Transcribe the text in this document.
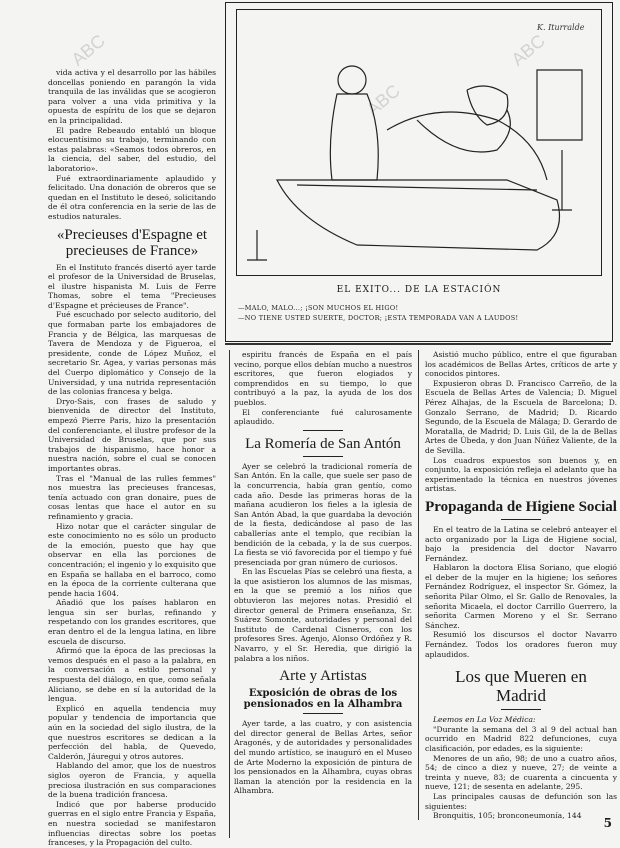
ABC
ABC
ABC
K. Iturralde
EL EXITO... DE LA ESTACIÓN
—MALO, MALO...; ¡SON MUCHOS EL HIGO!
—NO TIENE USTED SUERTE, DOCTOR; ¡ESTA TEMPORADA VAN A LAUDOS!

vida activa y el desarrollo por las hábiles doncellas poniendo en parangón la vida tranquila de las inválidas que se acogieron para volver a una vida primitiva y la opuesta de espíritu de los que se dejaron en la principalidad.

El padre Rebeaudo entabló un bloque elocuentísimo su trabajo, terminando con estas palabras: «Seamos todos obreros, en la ciencia, del saber, del estudio, del laboratorio».

Fué extraordinariamente aplaudido y felicitado. Una donación de obreros que se quedan en el Instituto le deseó, solicitando de él otra conferencia en la serie de las de estudios naturales.

«Precieuses d'Espagne et precieuses de France»

En el Instituto francés disertó ayer tarde el profesor de la Universidad de Bruselas, el ilustre hispanista M. Luis de Ferre Thomas, sobre el tema "Precieuses d'Espagne et précieuses de France".

Fué escuchado por selecto auditorio, del que formaban parte los embajadores de Francia y de Bélgica, las marquesas de Tavera de Mendoza y de Figueroa, el presidente, conde de López Muñoz, el secretario Sr. Agea, y varias personas más del Cuerpo diplomático y Consejo de la Universidad, y una nutrida representación de las colonias francesa y belga.

Dryo-Sais, con frases de saludo y bienvenida de director del Instituto, empezó Pierre Paris, hizo la presentación del conferenciante, el ilustre profesor de la Universidad de Bruselas, que por sus trabajos de hispanismo, hace honor a nuestra nación, sobre el cual se conocen importantes obras.

Tras el "Manual de las rulles femmes" nos muestra las precieuses francesas, tenía actuado con gran donaire, pues de cosas lentas que hace el autor en su refinamiento y gracia.

Hizo notar que el carácter singular de este conocimiento no es sólo un producto de la emoción, puesto que hay que observar en ella las porciones de concentración; el ingenio y lo exquisito que en España se hallaba en el barroco, como en la época de la corriente culterana que pende hacia 1604.

Añadió que los países hablaron en lengua sin ser burlas, refinando y respetando con los grandes escritores, que eran dentro el de la lengua latina, en libre escuela de discurso.

Afirmó que la época de las preciosas la vemos después en el paso a la palabra, en la conversación a estilo personal y respuesta del diálogo, en que, como señala Aliciano, se debe en sí la autoridad de la lengua.

Explicó en aquella tendencia muy popular y tendencia de importancia que aún en la sociedad del siglo ilustra, de la que nuestros escritores se dedican a la perfección del habla, de Quevedo, Calderón, Jáuregui y otros autores.

Hablando del amor, que los de nuestros siglos oyeron de Francia, y aquella preciosa ilustración en sus comparaciones de la buena tradición francesa.

Indicó que por haberse producido guerras en el siglo entre Francia y España, en nuestra sociedad se manifestaron influencias directas sobre los poetas franceses, y la Propagación del culto.

espiritu francés de España en el país vecino, porque ellos debían mucho a nuestros escritores, que fueron elogiados y comprendidos en su tiempo, lo que contribuyó a la paz, la ayuda de los dos pueblos.

El conferenciante fué calurosamente aplaudido.

La Romería de San Antón

Ayer se celebró la tradicional romería de San Antón. En la calle, que suele ser paso de la concurrencia, había gran gentío, como cada año. Desde las primeras horas de la mañana acudieron los fieles a la iglesia de San Antón Abad, la que guardaba la devoción de la fiesta, dedicándose al paso de las caballerías ante el templo, que recibían la bendición de la cebada, y la de sus cuerpos. La fiesta se vió favorecida por el tiempo y fué presenciada por gran número de curiosos.

En las Escuelas Pías se celebró una fiesta, a la que asistieron los alumnos de las mismas, en la que se premió a los niños que obtuvieron las mejores notas. Presidió el director general de Primera enseñanza, Sr. Suárez Somonte, autoridades y personal del Instituto de Cardenal Cisneros, con los profesores Sres. Agenjo, Alonso Ordóñez y R. Navarro, y el Sr. Heredia, que dirigió la palabra a los niños.

Arte y Artistas
Exposición de obras de los pensionados en la Alhambra

Ayer tarde, a las cuatro, y con asistencia del director general de Bellas Artes, señor Aragonés, y de autoridades y personalidades del mundo artístico, se inauguró en el Museo de Arte Moderno la exposición de pintura de los pensionados en la Alhambra, cuyas obras llaman la atención por la residencia en la Alhambra.

Asistió mucho público, entre el que figuraban los académicos de Bellas Artes, críticos de arte y conocidos pintores.

Expusieron obras D. Francisco Carreño, de la Escuela de Bellas Artes de Valencia; D. Miguel Pérez Alhajas, de la Escuela de Barcelona; D. Gonzalo Serrano, de Madrid; D. Ricardo Segundo, de la Escuela de Málaga; D. Gerardo de Moratalla, de Madrid; D. Luis Gil, de la de Bellas Artes de Úbeda, y don Juan Núñez Valiente, de la de Sevilla.

Los cuadros expuestos son buenos y, en conjunto, la exposición refleja el adelanto que ha experimentado la técnica en nuestros jóvenes artistas.

Propaganda de Higiene Social

En el teatro de la Latina se celebró anteayer el acto organizado por la Liga de Higiene social, bajo la presidencia del doctor Navarro Fernández.

Hablaron la doctora Elisa Soriano, que elogió el deber de la mujer en la higiene; los señores Fernández Rodríguez, el inspector Sr. Gómez, la señorita Pilar Olmo, el Sr. Gallo de Renovales, la señorita Micaela, el doctor Carrillo Guerrero, la señorita Carmen Moreno y el Sr. Serrano Sánchez.

Resumió los discursos el doctor Navarro Fernández. Todos los oradores fueron muy aplaudidos.

Los que Mueren en
Madrid

Leemos en La Voz Médica:

"Durante la semana del 3 al 9 del actual han ocurrido en Madrid 822 defunciones, cuya clasificación, por edades, es la siguiente:

Menores de un año, 98; de uno a cuatro años, 54; de cinco a diez y nueve, 27; de veinte a treinta y nueve, 83; de cuarenta a cincuenta y nueve, 121; de sesenta en adelante, 295.

Las principales causas de defunción son las siguientes:

Bronquitis, 105; bronconeumonía, 144

5
